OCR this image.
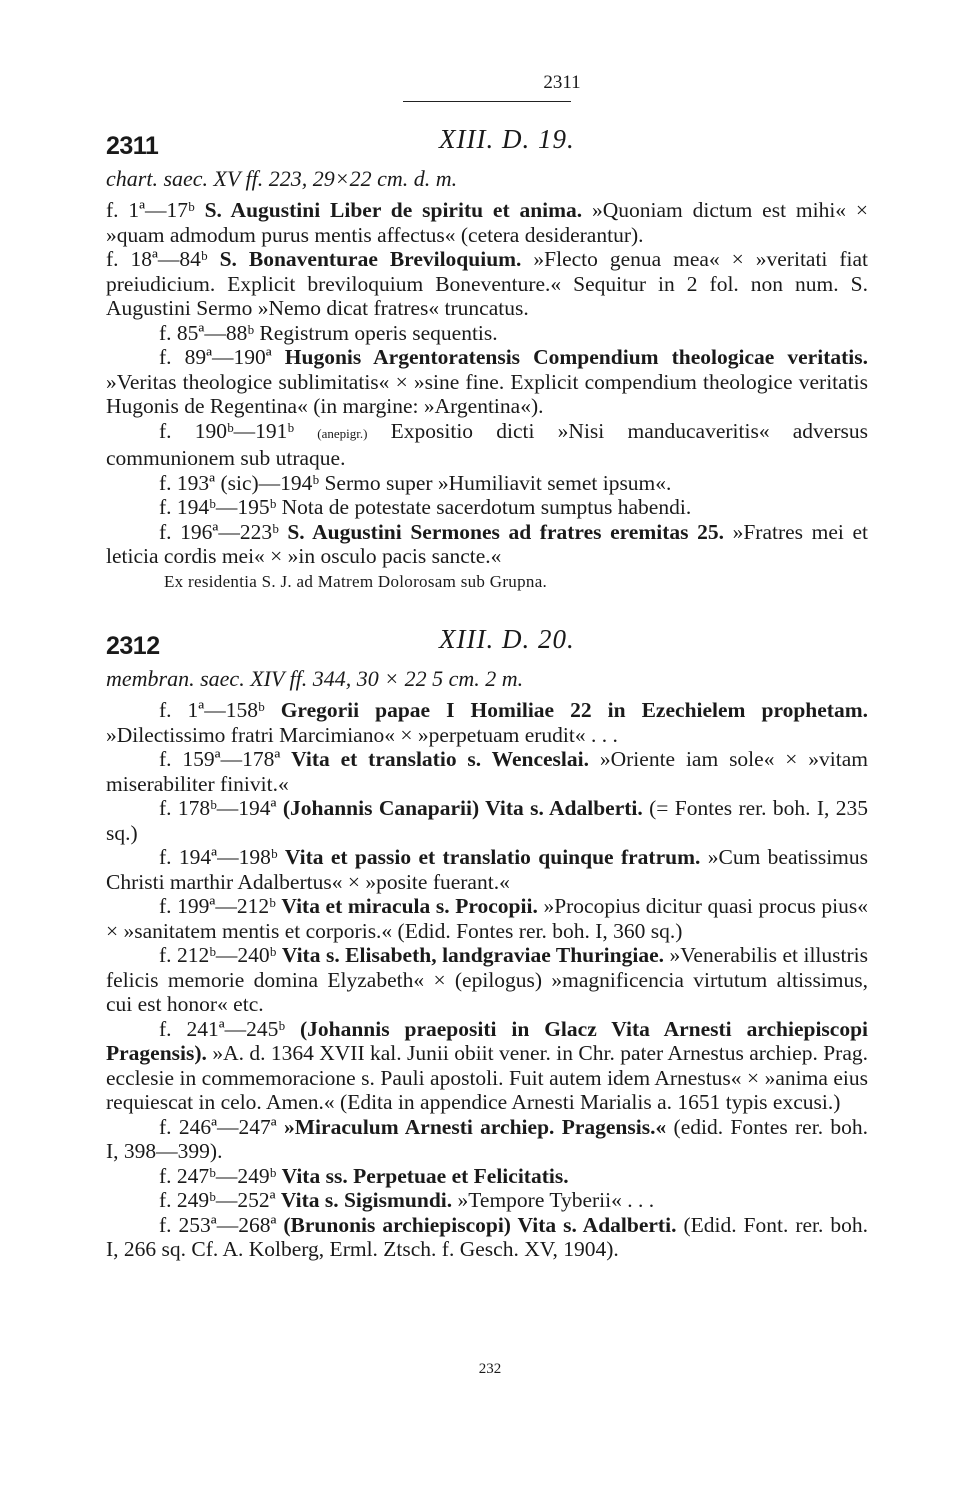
2311
2311	XIII. D. 19.
chart. saec. XV ff. 223, 29×22 cm. d. m.

f. 1ª—17ᵇ S. Augustini Liber de spiritu et anima. »Quoniam dictum est mihi« × »quam admodum purus mentis affectus« (cetera desiderantur).

f. 18ª—84ᵇ S. Bonaventurae Breviloquium. »Flecto genua mea« × »veritati fiat preiudicium. Explicit breviloquium Boneventure.« Sequitur in 2 fol. non num. S. Augustini Sermo »Nemo dicat fratres« truncatus.

f. 85ª—88ᵇ Registrum operis sequentis.

f. 89ª—190ª Hugonis Argentoratensis Compendium theologicae veritatis. »Veritas theologice sublimitatis« × »sine fine. Explicit compendium theologice veritatis Hugonis de Regentina« (in margine: »Argentina«).

f. 190ᵇ—191ᵇ (anepigr.) Expositio dicti »Nisi manducaveritis« adversus communionem sub utraque.

f. 193ª (sic)—194ᵇ Sermo super »Humiliavit semet ipsum«.

f. 194ᵇ—195ᵇ Nota de potestate sacerdotum sumptus habendi.

f. 196ª—223ᵇ S. Augustini Sermones ad fratres eremitas 25. »Fratres mei et leticia cordis mei« × »in osculo pacis sancte.«

Ex residentia S. J. ad Matrem Dolorosam sub Grupna.

2312	XIII. D. 20.
membran. saec. XIV ff. 344, 30 × 22 5 cm. 2 m.

f. 1ª—158ᵇ Gregorii papae I Homiliae 22 in Ezechielem prophetam. »Dilectissimo fratri Marcimiano« × »perpetuam erudit« . . .

f. 159ª—178ª Vita et translatio s. Wenceslai. »Oriente iam sole« × »vitam miserabiliter finivit.«

f. 178ᵇ—194ª (Johannis Canaparii) Vita s. Adalberti. (= Fontes rer. boh. I, 235 sq.)

f. 194ª—198ᵇ Vita et passio et translatio quinque fratrum. »Cum beatissimus Christi marthir Adalbertus« × »posite fuerant.«

f. 199ª—212ᵇ Vita et miracula s. Procopii. »Procopius dicitur quasi procus pius« × »sanitatem mentis et corporis.« (Edid. Fontes rer. boh. I, 360 sq.)

f. 212ᵇ—240ᵇ Vita s. Elisabeth, landgraviae Thuringiae. »Venerabilis et illustris felicis memorie domina Elyzabeth« × (epilogus) »magnificencia virtutum altissimus, cui est honor« etc.

f. 241ª—245ᵇ (Johannis praepositi in Glacz Vita Arnesti archiepiscopi Pragensis). »A. d. 1364 XVII kal. Junii obiit vener. in Chr. pater Arnestus archiep. Prag. ecclesie in commemoracione s. Pauli apostoli. Fuit autem idem Arnestus« × »anima eius requiescat in celo. Amen.« (Edita in appendice Arnesti Marialis a. 1651 typis excusi.)

f. 246ª—247ª »Miraculum Arnesti archiep. Pragensis.« (edid. Fontes rer. boh. I, 398—399).

f. 247ᵇ—249ᵇ Vita ss. Perpetuae et Felicitatis.

f. 249ᵇ—252ª Vita s. Sigismundi. »Tempore Tyberii« . . .

f. 253ª—268ª (Brunonis archiepiscopi) Vita s. Adalberti. (Edid. Font. rer. boh. I, 266 sq. Cf. A. Kolberg, Erml. Ztsch. f. Gesch. XV, 1904).

232
